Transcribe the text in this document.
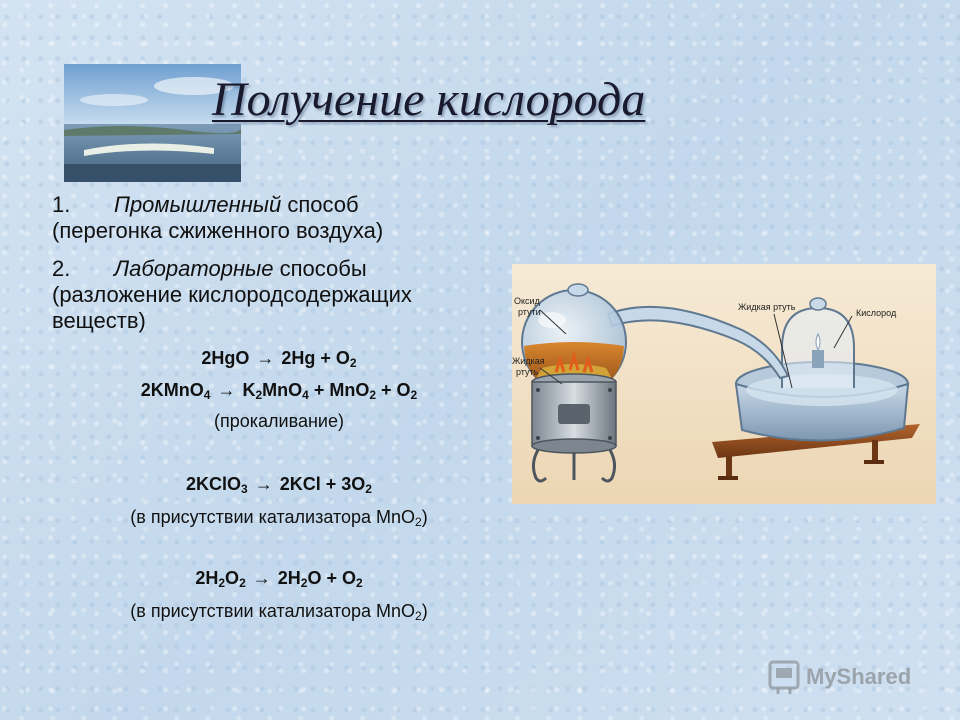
Получение кислорода
1. Промышленный способ
(перегонка сжиженного воздуха)
2. Лабораторные способы
(разложение кислородсодержащих веществ)
$2HgO \to 2Hg + O_2$
2KMnO$_4$ → $K_2MnO_4 + MnO_2 + O_2$
(прокаливание)
2KClO$_3$ → $2KCl + 3O_2$
(в присутствии катализатора MnO$_2$)
$2H_2O_2 \to 2H_2O + O_2$
(в присутствии катализатора MnO$_2$)
Оксид ртути
Жидкая ртуть
Жидкая ртуть
Кислород
MyShared
